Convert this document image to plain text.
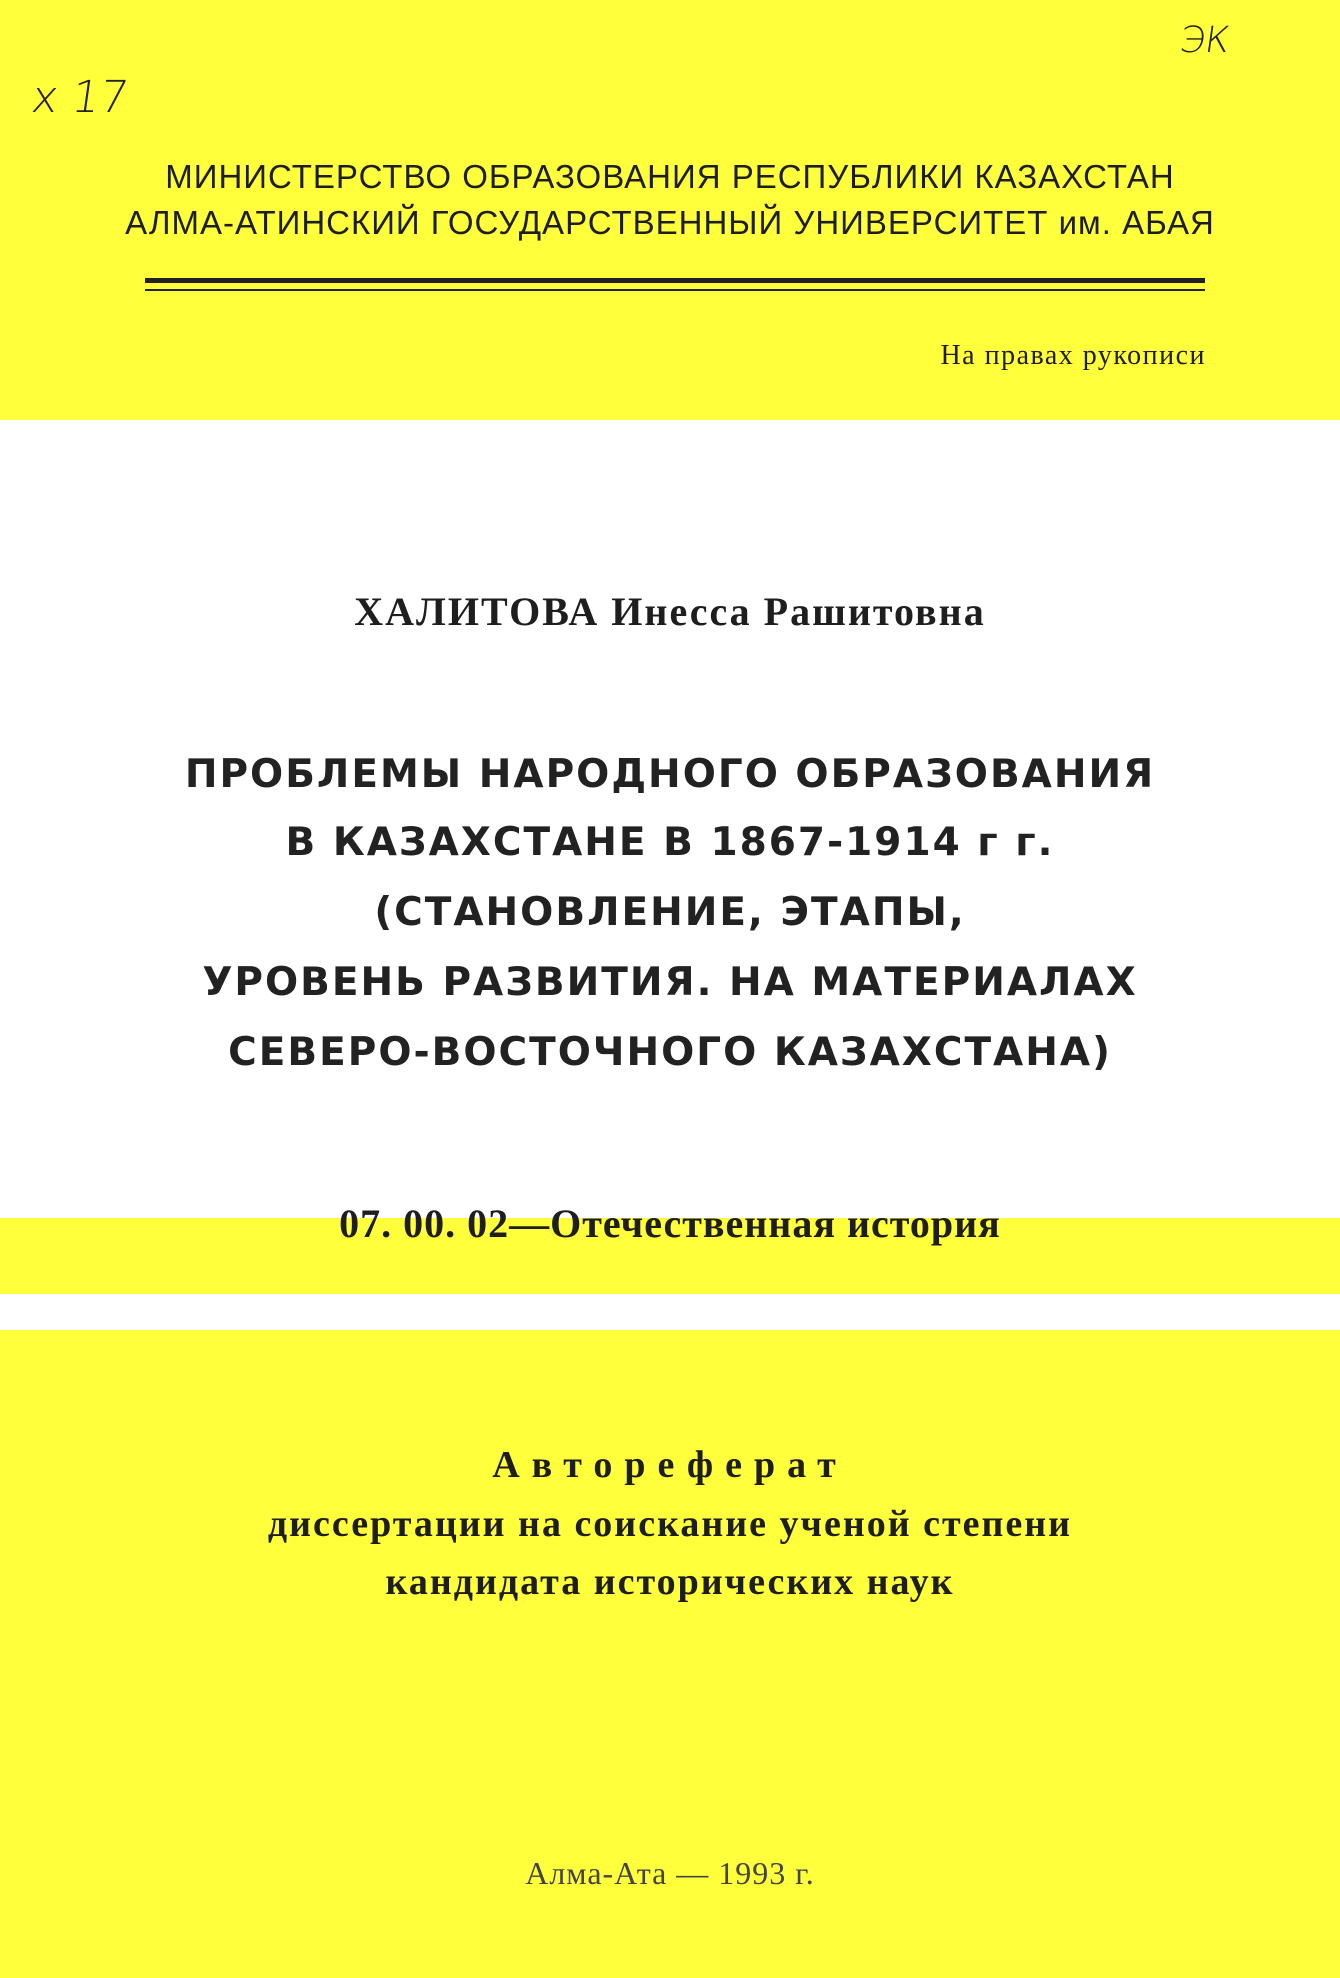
х 17
ЭК
МИНИСТЕРСТВО ОБРАЗОВАНИЯ РЕСПУБЛИКИ КАЗАХСТАН
АЛМА-АТИНСКИЙ ГОСУДАРСТВЕННЫЙ УНИВЕРСИТЕТ им. АБАЯ
На правах рукописи
ХАЛИТОВА Инесса Рашитовна
ПРОБЛЕМЫ НАРОДНОГО ОБРАЗОВАНИЯ
В КАЗАХСТАНЕ В 1867-1914 г г.
(СТАНОВЛЕНИЕ, ЭТАПЫ,
УРОВЕНЬ РАЗВИТИЯ. НА МАТЕРИАЛАХ
СЕВЕРО-ВОСТОЧНОГО КАЗАХСТАНА)
07. 00. 02—Отечественная история
Автореферат
диссертации на соискание ученой степени
кандидата исторических наук
Алма-Ата — 1993 г.
